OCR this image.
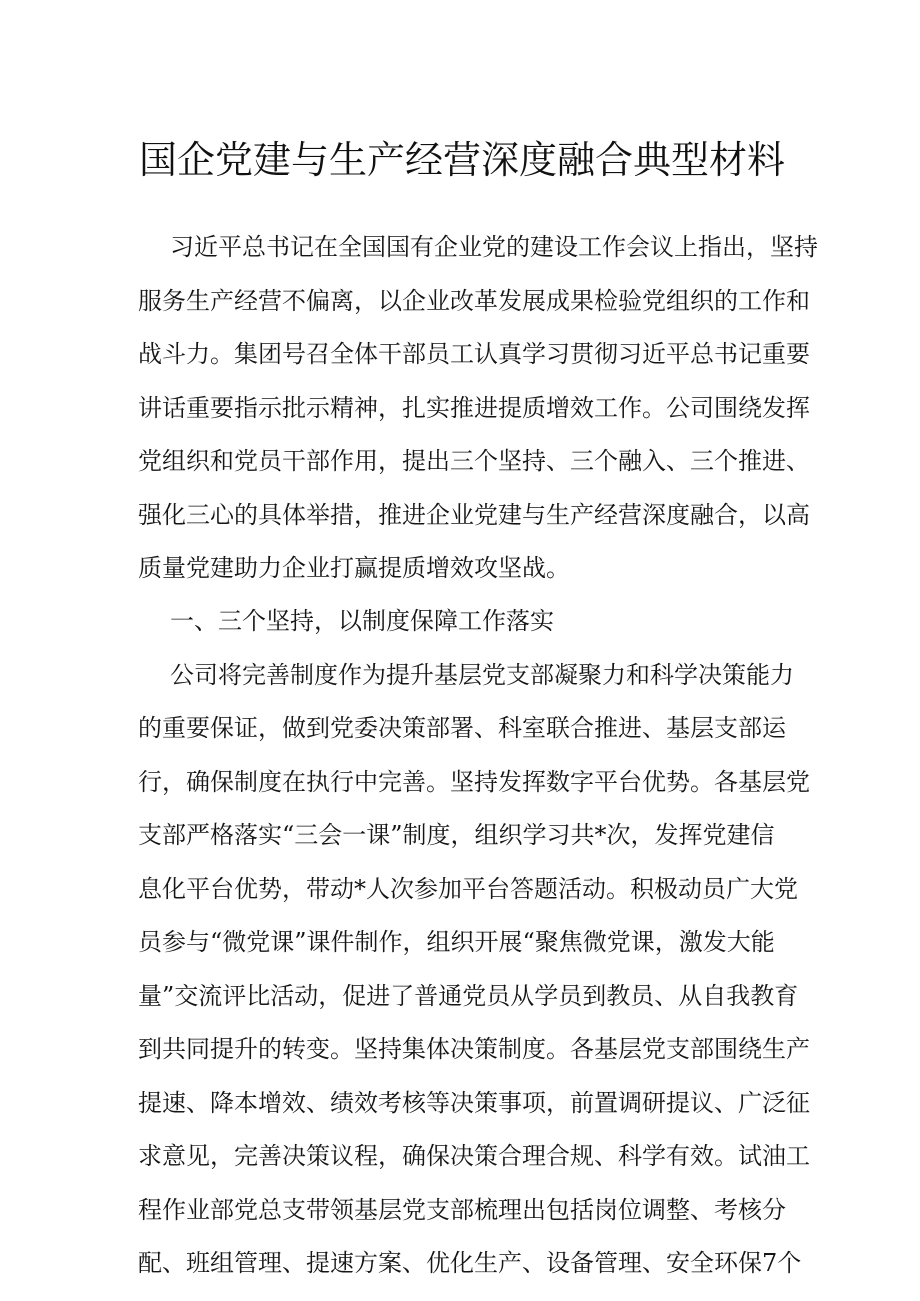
国企党建与生产经营深度融合典型材料
习近平总书记在全国国有企业党的建设工作会议上指出，坚持
服务生产经营不偏离，以企业改革发展成果检验党组织的工作和
战斗力。集团号召全体干部员工认真学习贯彻习近平总书记重要
讲话重要指示批示精神，扎实推进提质增效工作。公司围绕发挥
党组织和党员干部作用，提出三个坚持、三个融入、三个推进、
强化三心的具体举措，推进企业党建与生产经营深度融合，以高
质量党建助力企业打赢提质增效攻坚战。
一、三个坚持，以制度保障工作落实
公司将完善制度作为提升基层党支部凝聚力和科学决策能力
的重要保证，做到党委决策部署、科室联合推进、基层支部运
行，确保制度在执行中完善。坚持发挥数字平台优势。各基层党
支部严格落实“三会一课”制度，组织学习共*次，发挥党建信
息化平台优势，带动*人次参加平台答题活动。积极动员广大党
员参与“微党课”课件制作，组织开展“聚焦微党课，激发大能
量”交流评比活动，促进了普通党员从学员到教员、从自我教育
到共同提升的转变。坚持集体决策制度。各基层党支部围绕生产
提速、降本增效、绩效考核等决策事项，前置调研提议、广泛征
求意见，完善决策议程，确保决策合理合规、科学有效。试油工
程作业部党总支带领基层党支部梳理出包括岗位调整、考核分
配、班组管理、提速方案、优化生产、设备管理、安全环保7个
